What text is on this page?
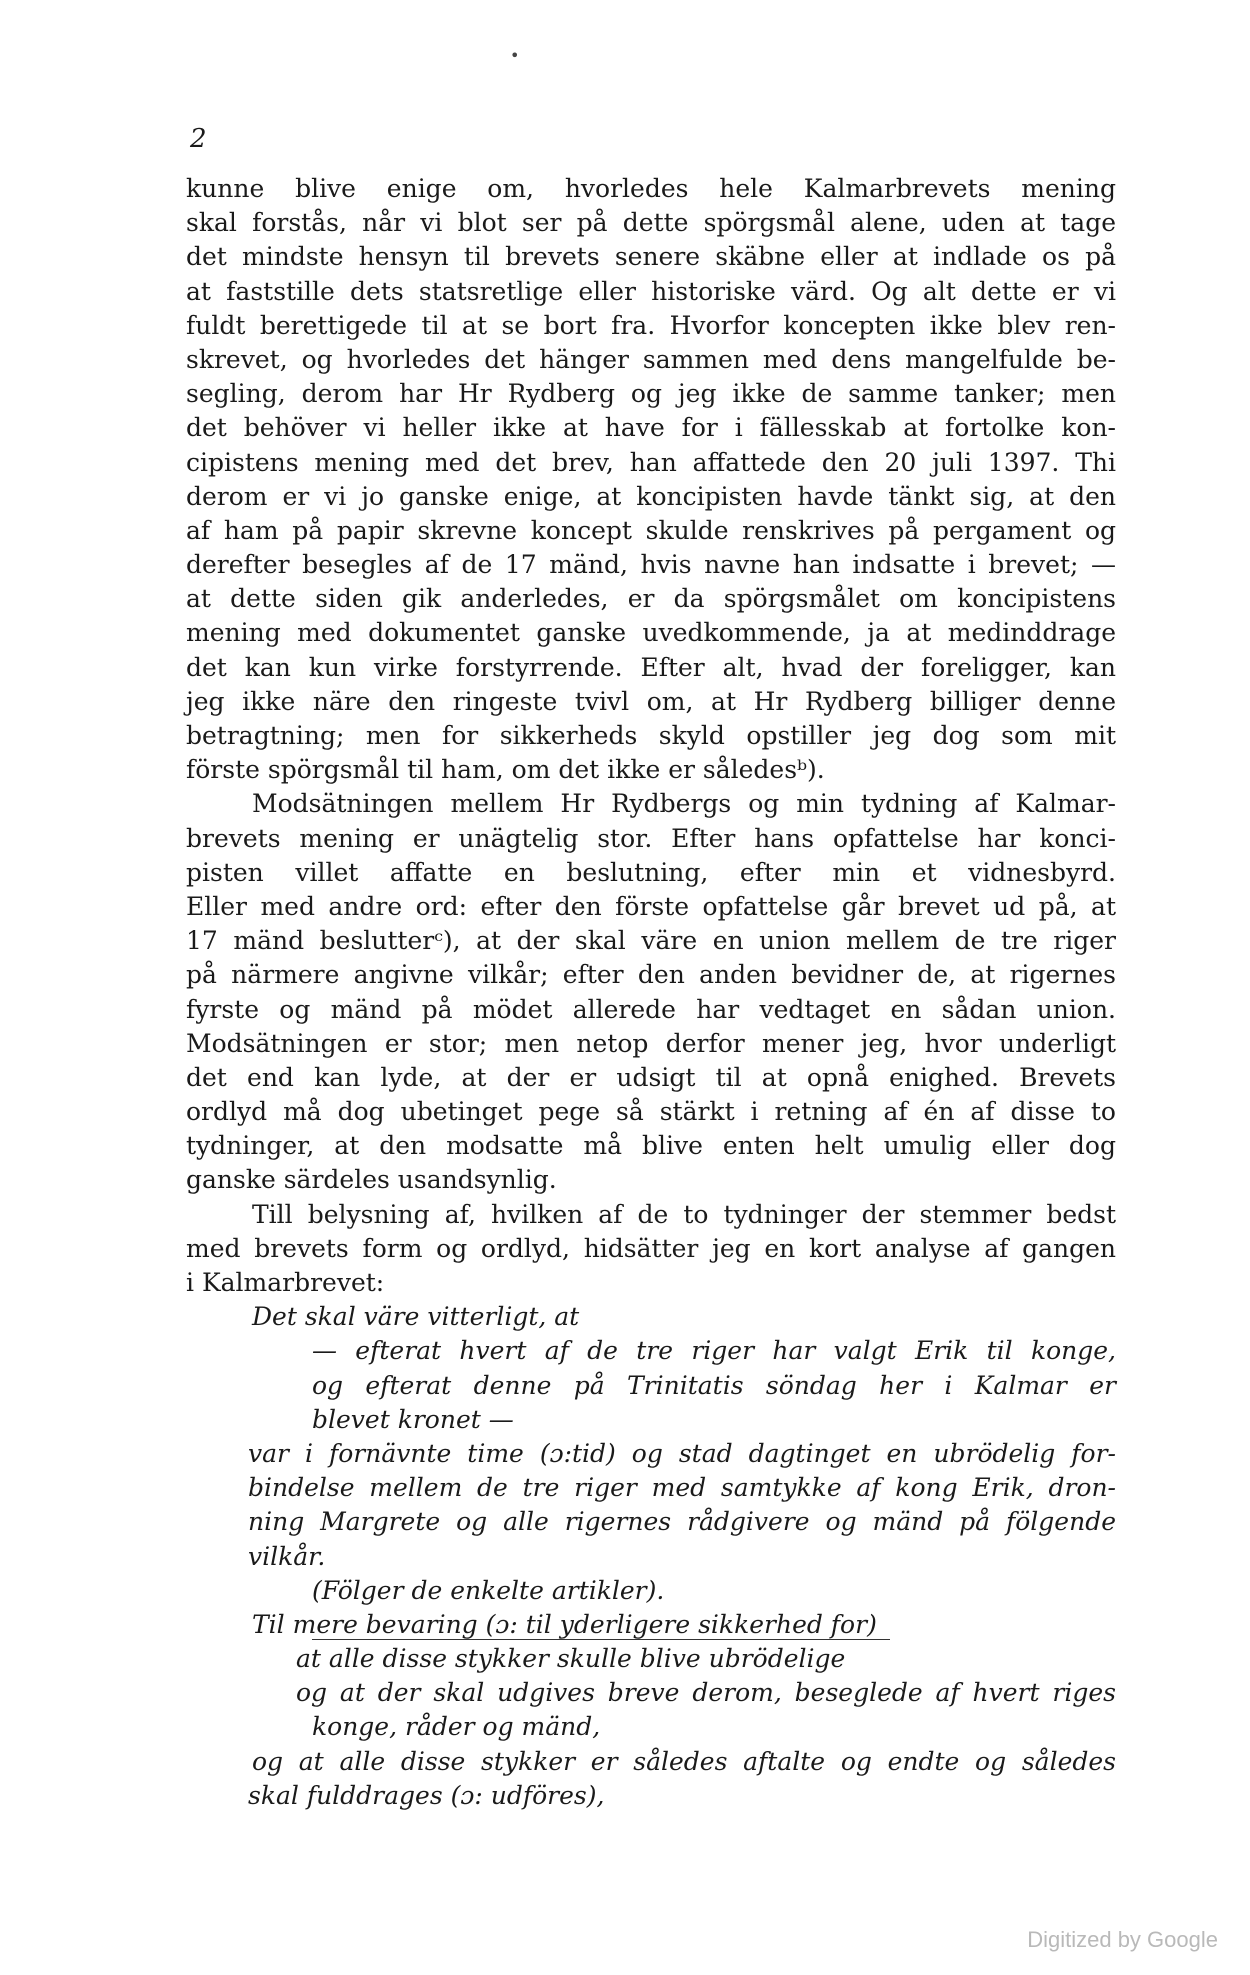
•
2
kunne blive enige om, hvorledes hele Kalmarbrevets mening
skal forstås, når vi blot ser på dette spörgsmål alene, uden at tage
det mindste hensyn til brevets senere skäbne eller at indlade os på
at faststille dets statsretlige eller historiske värd. Og alt dette er vi
fuldt berettigede til at se bort fra. Hvorfor koncepten ikke blev ren-
skrevet, og hvorledes det hänger sammen med dens mangelfulde be-
segling, derom har Hr Rydberg og jeg ikke de samme tanker; men
det behöver vi heller ikke at have for i fällesskab at fortolke kon-
cipistens mening med det brev, han affattede den 20 juli 1397. Thi
derom er vi jo ganske enige, at koncipisten havde tänkt sig, at den
af ham på papir skrevne koncept skulde renskrives på pergament og
derefter besegles af de 17 mänd, hvis navne han indsatte i brevet; —
at dette siden gik anderledes, er da spörgsmålet om koncipistens
mening med dokumentet ganske uvedkommende, ja at medinddrage
det kan kun virke forstyrrende. Efter alt, hvad der foreligger, kan
jeg ikke näre den ringeste tvivl om, at Hr Rydberg billiger denne
betragtning; men for sikkerheds skyld opstiller jeg dog som mit
förste spörgsmål til ham, om det ikke er såledesᵇ).
Modsätningen mellem Hr Rydbergs og min tydning af Kalmar-
brevets mening er unägtelig stor. Efter hans opfattelse har konci-
pisten villet affatte en beslutning, efter min et vidnesbyrd.
Eller med andre ord: efter den förste opfattelse går brevet ud på, at
17 mänd beslutterᶜ), at der skal väre en union mellem de tre riger
på närmere angivne vilkår; efter den anden bevidner de, at rigernes
fyrste og mänd på mödet allerede har vedtaget en sådan union.
Modsätningen er stor; men netop derfor mener jeg, hvor underligt
det end kan lyde, at der er udsigt til at opnå enighed. Brevets
ordlyd må dog ubetinget pege så stärkt i retning af én af disse to
tydninger, at den modsatte må blive enten helt umulig eller dog
ganske särdeles usandsynlig.
Till belysning af, hvilken af de to tydninger der stemmer bedst
med brevets form og ordlyd, hidsätter jeg en kort analyse af gangen
i Kalmarbrevet:
Det skal väre vitterligt, at
— efterat hvert af de tre riger har valgt Erik til konge,
og efterat denne på Trinitatis söndag her i Kalmar er
blevet kronet —
var i fornävnte time (ɔ:tid) og stad dagtinget en ubrödelig for-
bindelse mellem de tre riger med samtykke af kong Erik, dron-
ning Margrete og alle rigernes rådgivere og mänd på fölgende
vilkår.
(Fölger de enkelte artikler).
Til mere bevaring (ɔ: til yderligere sikkerhed for)
at alle disse stykker skulle blive ubrödelige
og at der skal udgives breve derom, beseglede af hvert riges
konge, råder og mänd,
og at alle disse stykker er således aftalte og endte og således
skal fulddrages (ɔ: udföres),
Digitized by Google
